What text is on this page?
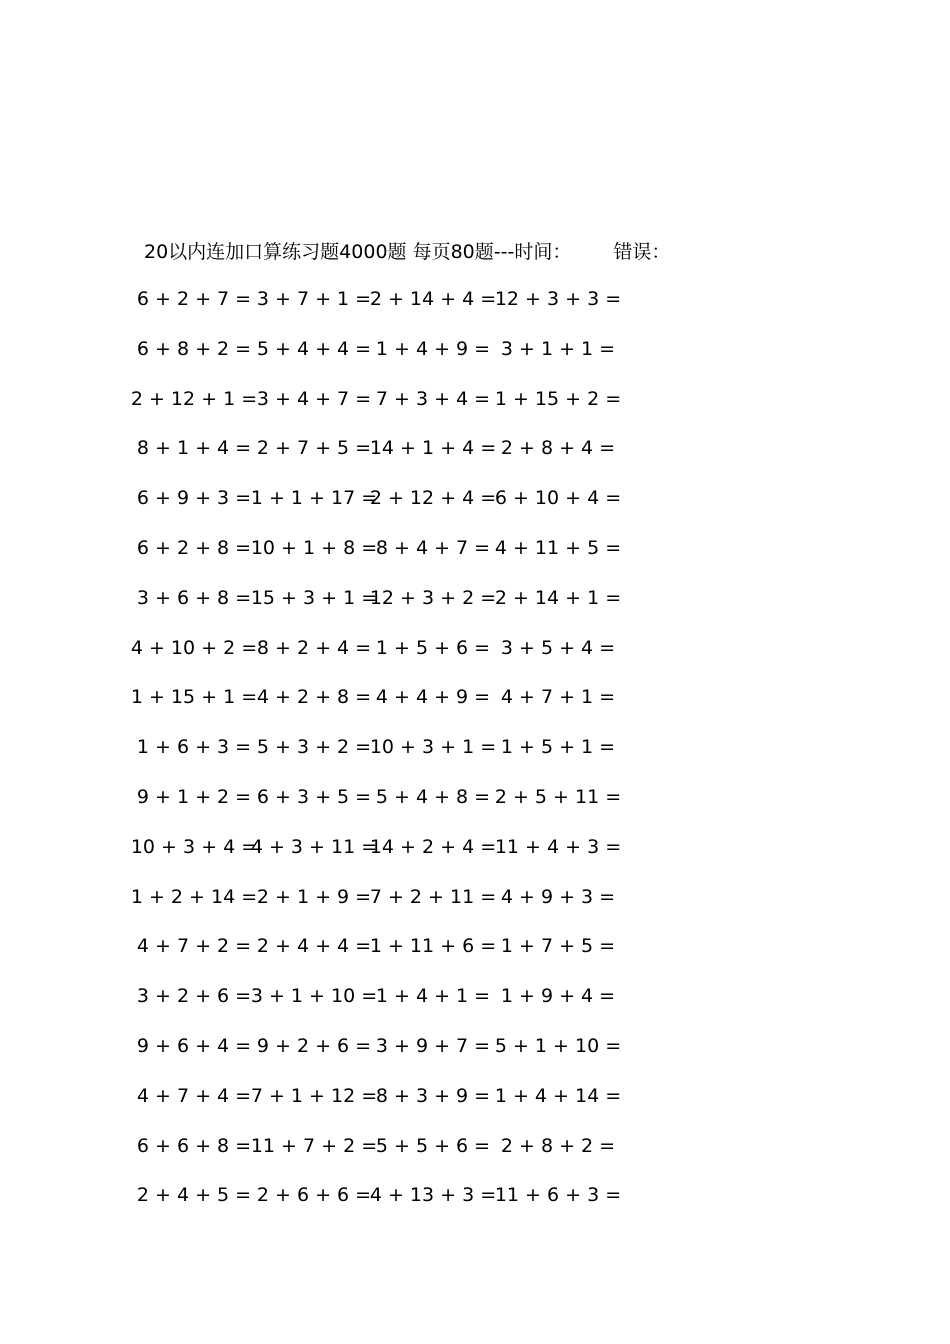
20以内连加口算练习题4000题 每页80题---时间： 错误：
6 + 2 + 7 = 3 + 7 + 1 =
2 + 14 + 4 =
12 + 3 + 3 =
6 + 8 + 2 = 5 + 4 + 4 = 1 + 4 + 9 = 3 + 1 + 1 =
2 + 12 + 1 = 3 + 4 + 7 = 7 + 3 + 4 = 1 + 15 + 2 =
8 + 1 + 4 = 2 + 7 + 5 =
14 + 1 + 4 = 2 + 8 + 4 =
6 + 9 + 3 = 1 + 1 + 17 =
2 + 12 + 4 =
6 + 10 + 4 =
6 + 2 + 8 = 10 + 1 + 8 =
8 + 4 + 7 = 4 + 11 + 5 =
3 + 6 + 8 = 15 + 3 + 1 =
12 + 3 + 2 =
2 + 14 + 1 =
4 + 10 + 2 = 8 + 2 + 4 = 1 + 5 + 6 = 3 + 5 + 4 =
1 + 15 + 1 = 4 + 2 + 8 = 4 + 4 + 9 = 4 + 7 + 1 =
1 + 6 + 3 = 5 + 3 + 2 =
10 + 3 + 1 = 1 + 5 + 1 =
9 + 1 + 2 = 6 + 3 + 5 = 5 + 4 + 8 = 2 + 5 + 11 =
10 + 3 + 4 =
4 + 3 + 11 =
14 + 2 + 4 =
11 + 4 + 3 =
1 + 2 + 14 = 2 + 1 + 9 =
7 + 2 + 11 = 4 + 9 + 3 =
4 + 7 + 2 = 2 + 4 + 4 =
1 + 11 + 6 = 1 + 7 + 5 =
3 + 2 + 6 = 3 + 1 + 10 =
1 + 4 + 1 = 1 + 9 + 4 =
9 + 6 + 4 = 9 + 2 + 6 = 3 + 9 + 7 = 5 + 1 + 10 =
4 + 7 + 4 = 7 + 1 + 12 =
8 + 3 + 9 = 1 + 4 + 14 =
6 + 6 + 8 = 11 + 7 + 2 =
5 + 5 + 6 = 2 + 8 + 2 =
2 + 4 + 5 = 2 + 6 + 6 =
4 + 13 + 3 =
11 + 6 + 3 =
